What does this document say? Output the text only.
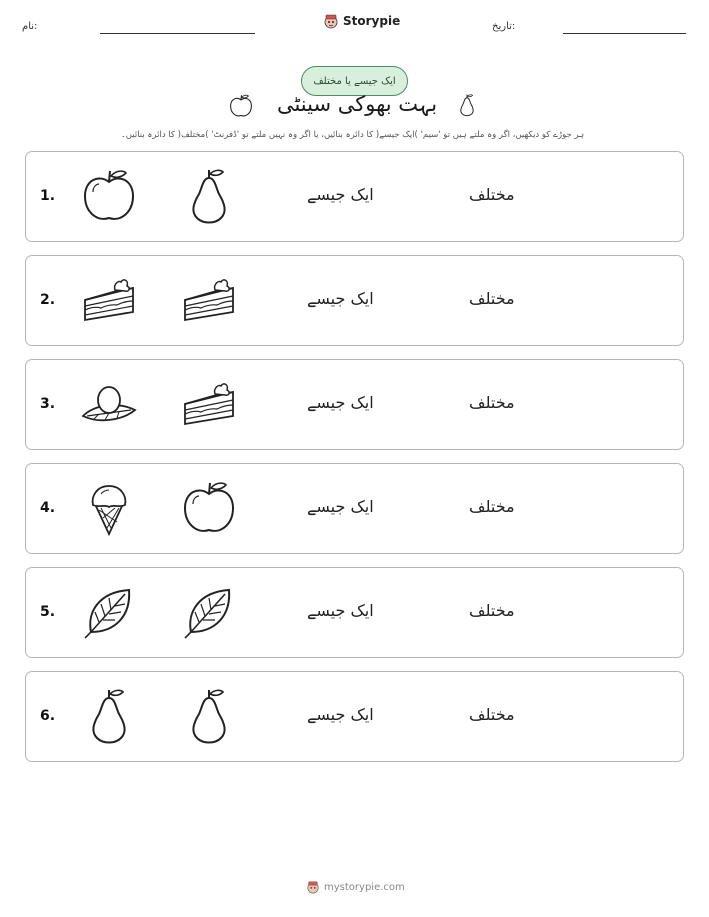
نام:	Storypie	تاریخ:
ایک جیسے یا مختلف
بہت بھوکی سینٹی
ہر جوڑے کو دیکھیں، اگر وہ ملتے ہیں تو 'سیم' )ایک جیسے( کا دائرہ بنائیں، یا اگر وہ نہیں ملتے تو 'ڈفرنٹ' )مختلف( کا دائرہ بنائیں۔
1.	ایک جیسے	مختلف
2.	ایک جیسے	مختلف
3.	ایک جیسے	مختلف
4.	ایک جیسے	مختلف
5.	ایک جیسے	مختلف
6.	ایک جیسے	مختلف
mystorypie.com
